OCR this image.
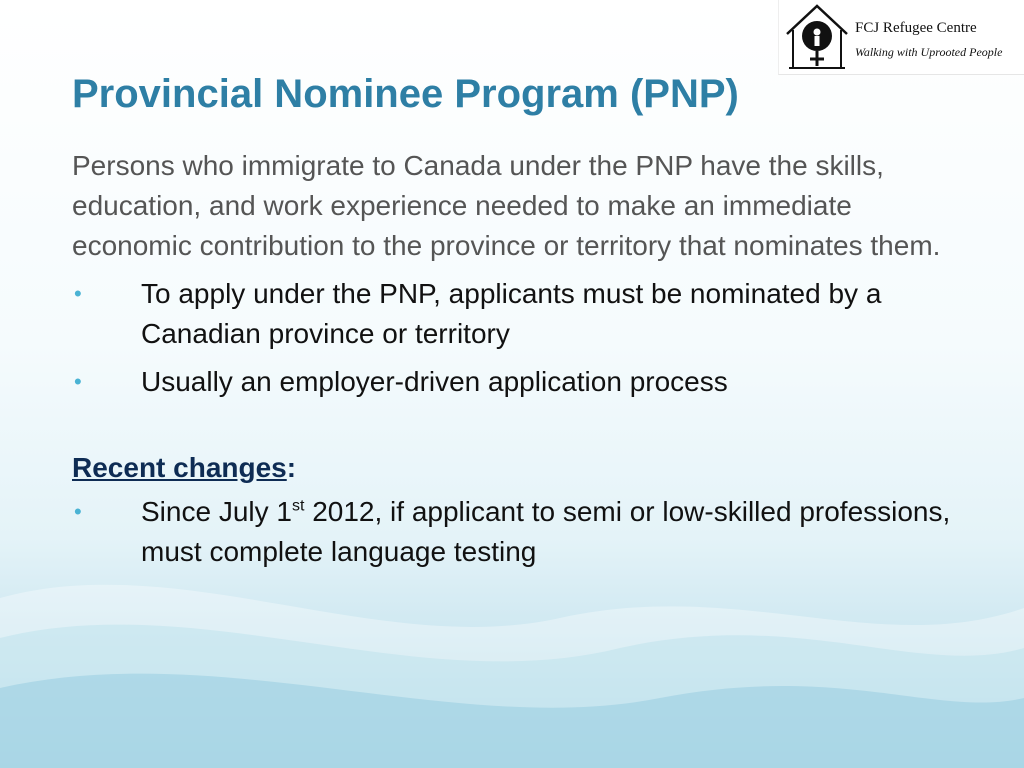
FCJ Refugee Centre
Walking with Uprooted People
Provincial Nominee Program (PNP)

Persons who immigrate to Canada under the PNP have the skills, education, and work experience needed to make an immediate economic contribution to the province or territory that nominates them.

• To apply under the PNP, applicants must be nominated by a Canadian province or territory
• Usually an employer-driven application process

Recent changes:

• Since July 1st 2012, if applicant to semi or low-skilled professions, must complete language testing
